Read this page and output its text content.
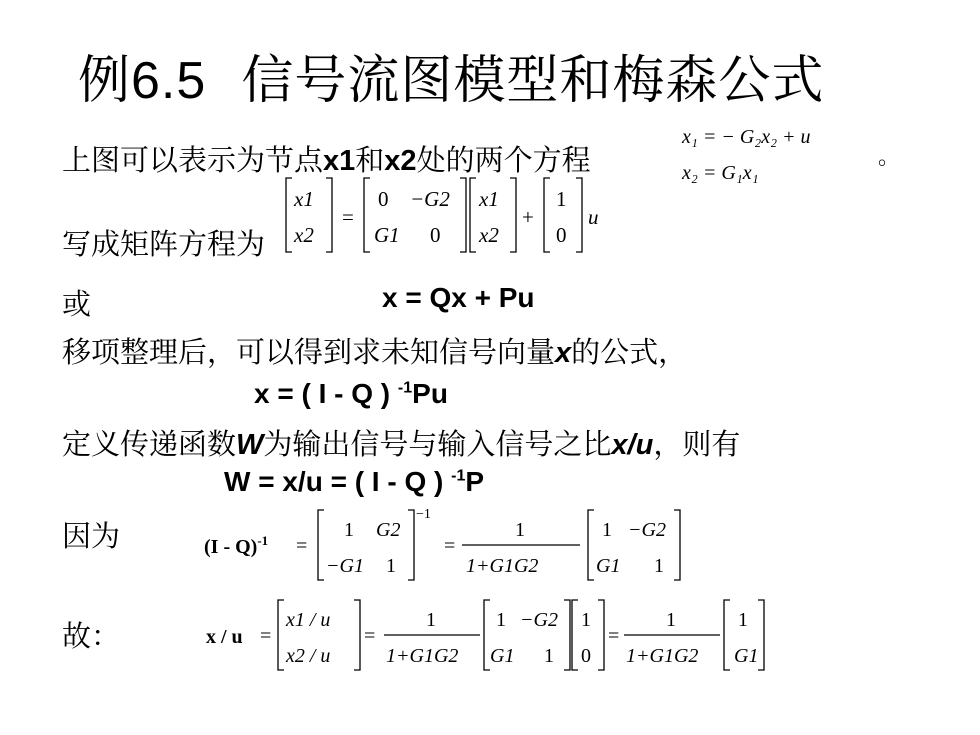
例6.5 信号流图模型和梅森公式
上图可以表示为节点x1和x2处的两个方程
x₁ = − G₂x₂ + u
x₂ = G₁x₁
。
写成矩阵方程为
x1
x2
=
0 −G2
G1 0
x1
x2
+
1
0
u
或	x = Qx + Pu
移项整理后，可以得到求未知信号向量x的公式，
x = ( I - Q ) $^{-1}$Pu
定义传递函数W为输出信号与输入信号之比x/u，则有
W = x/u = ( I - Q ) $^{-1}$P
因为	(I - Q)$^{-1}$ =
1 G2
−G1 1
−1
=
1
1+G1G2
1 −G2
G1 1
故：	x / u =
x1 / u
x2 / u
=
1
1+G1G2
1 −G2
G1 1
1
0
=
1
1+G1G2
1
G1
